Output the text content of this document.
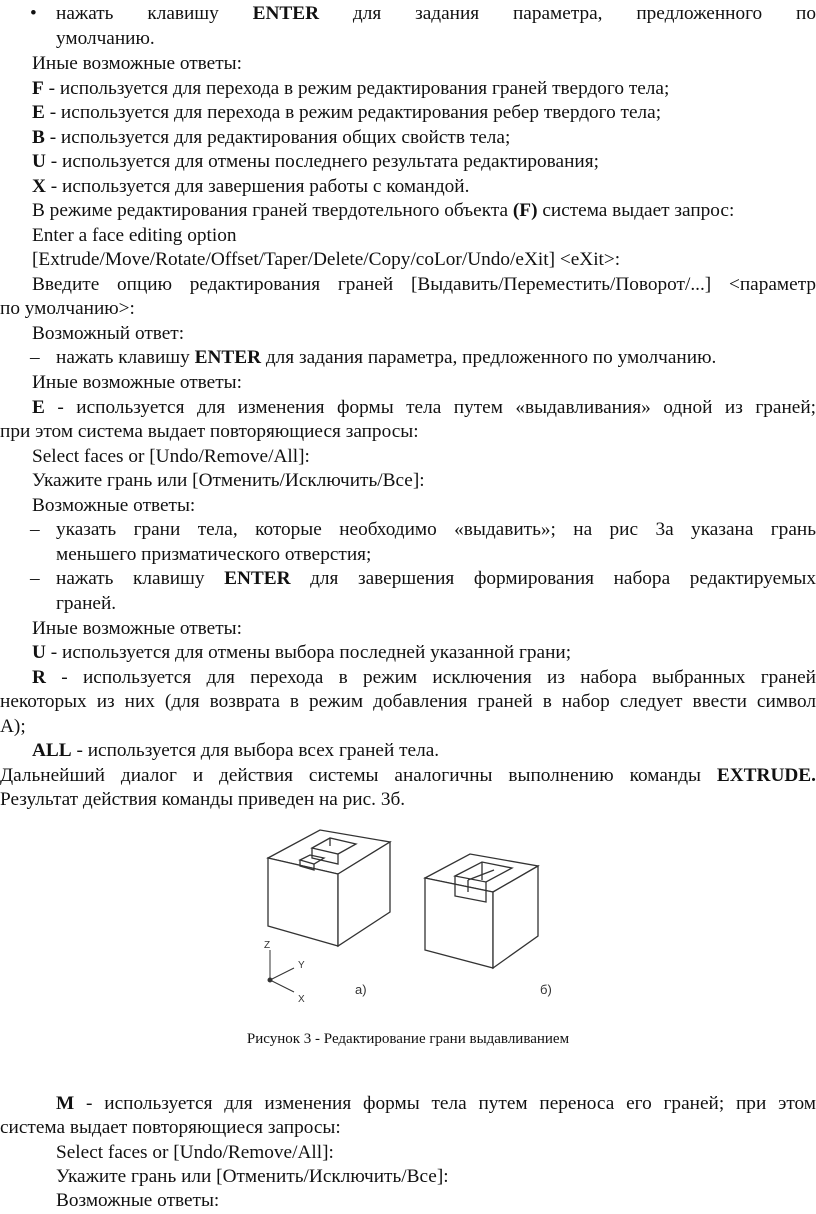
• нажать клавишу ENTER для задания параметра, предложенного по
умолчанию.
Иные возможные ответы:
F - используется для перехода в режим редактирования граней твердого тела;
E - используется для перехода в режим редактирования ребер твердого тела;
B - используется для редактирования общих свойств тела;
U - используется для отмены последнего результата редактирования;
X - используется для завершения работы с командой.
В режиме редактирования граней твердотельного объекта (F) система выдает запрос:
Enter a face editing option
[Extrude/Move/Rotate/Offset/Taper/Delete/Copy/coLor/Undo/eXit] <eXit>:
Введите опцию редактирования граней [Выдавить/Переместить/Поворот/...] <параметр
по умолчанию>:
Возможный ответ:
– нажать клавишу ENTER для задания параметра, предложенного по умолчанию.
Иные возможные ответы:
E - используется для изменения формы тела путем «выдавливания» одной из граней;
при этом система выдает повторяющиеся запросы:
Select faces or [Undo/Remove/All]:
Укажите грань или [Отменить/Исключить/Все]:
Возможные ответы:
– указать грани тела, которые необходимо «выдавить»; на рис 3а указана грань
меньшего призматического отверстия;
– нажать клавишу ENTER для завершения формирования набора редактируемых
граней.
Иные возможные ответы:
U - используется для отмены выбора последней указанной грани;
R - используется для перехода в режим исключения из набора выбранных граней
некоторых из них (для возврата в режим добавления граней в набор следует ввести символ
А);
ALL - используется для выбора всех граней тела.
Дальнейший диалог и действия системы аналогичны выполнению команды EXTRUDE.
Результат действия команды приведен на рис. 3б.
M - используется для изменения формы тела путем переноса его граней; при этом
система выдает повторяющиеся запросы:
Select faces or [Undo/Remove/All]:
Укажите грань или [Отменить/Исключить/Все]:
Возможные ответы:
Z
Y
X
а)	б)
Рисунок 3 - Редактирование грани выдавливанием
